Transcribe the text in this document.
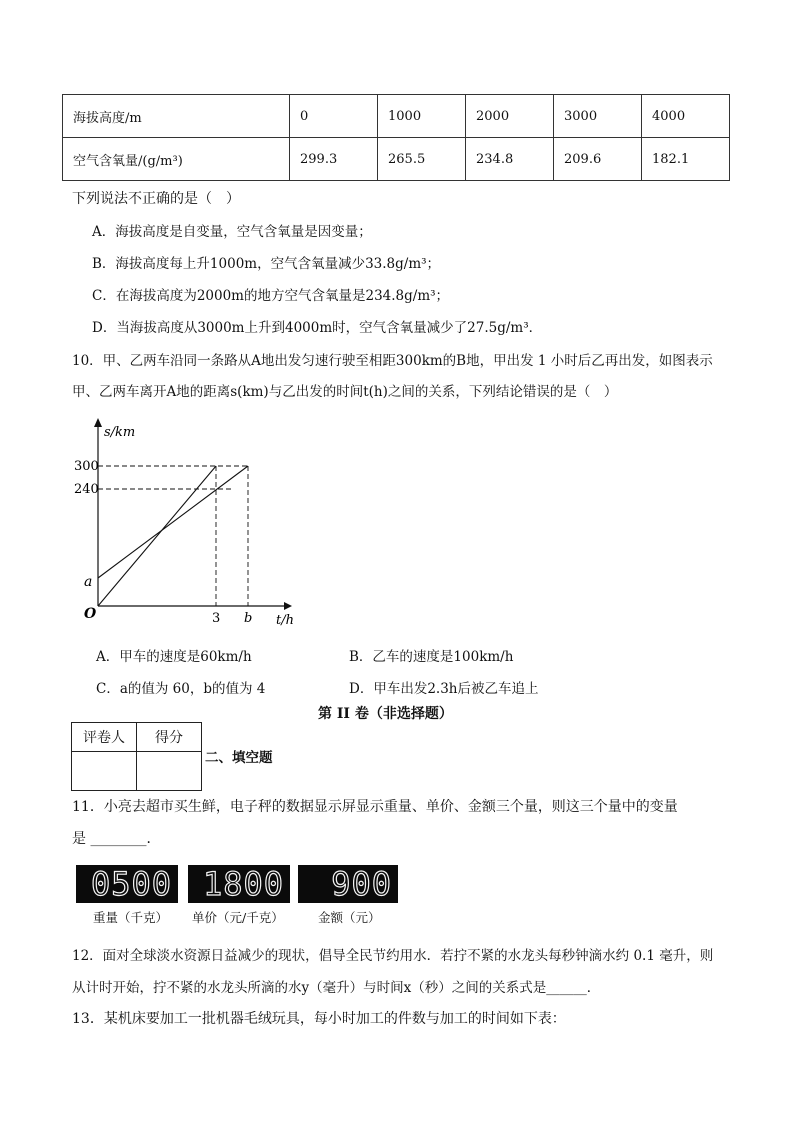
海拔高度/m	0	1000	2000	3000	4000
空气含氧量/(g/m³)	299.3	265.5	234.8	209.6	182.1
下列说法不正确的是（　）
A．海拔高度是自变量，空气含氧量是因变量；
B．海拔高度每上升1000m，空气含氧量减少33.8g/m³；
C．在海拔高度为2000m的地方空气含氧量是234.8g/m³；
D．当海拔高度从3000m上升到4000m时，空气含氧量减少了27.5g/m³．
10．甲、乙两车沿同一条路从A地出发匀速行驶至相距300km的B地，甲出发 1 小时后乙再出发，如图表示
甲、乙两车离开A地的距离s(km)与乙出发的时间t(h)之间的关系，下列结论错误的是（　）
s/km
300
240
a
O	3 b t/h
A．甲车的速度是60km/h	B．乙车的速度是100km/h
C．a的值为 60，b的值为 4	D．甲车出发2.3h后被乙车追上
第 II 卷（非选择题）
评卷人	得分

二、填空题
11．小亮去超市买生鲜，电子秤的数据显示屏显示重量、单价、金额三个量，则这三个量中的变量
是 ________．
0500 1800 900
重量（千克） 单价（元/千克）	金额（元）
12．面对全球淡水资源日益减少的现状，倡导全民节约用水．若拧不紧的水龙头每秒钟滴水约 0.1 毫升，则
从计时开始，拧不紧的水龙头所滴的水y（毫升）与时间x（秒）之间的关系式是______．
13．某机床要加工一批机器毛绒玩具，每小时加工的件数与加工的时间如下表：
